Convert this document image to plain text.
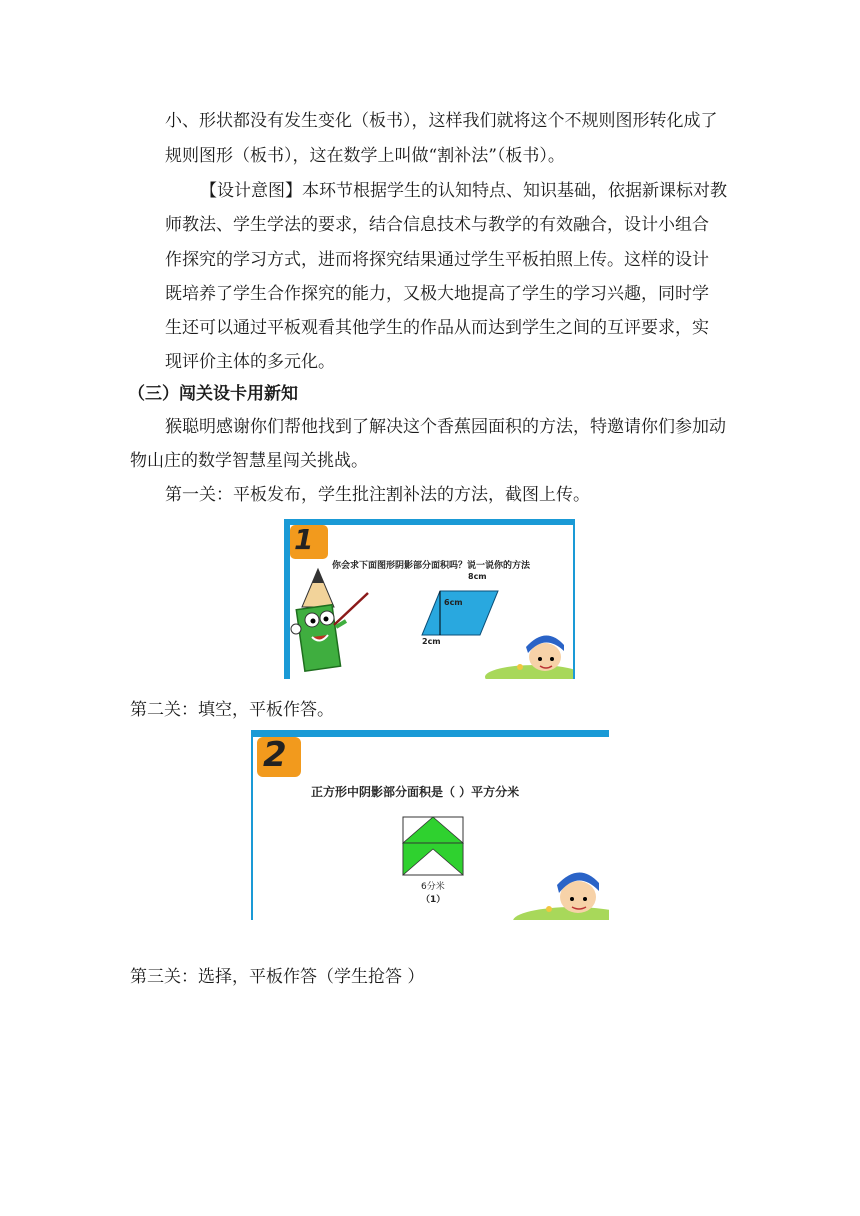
小、形状都没有发生变化（板书），这样我们就将这个不规则图形转化成了
规则图形（板书），这在数学上叫做“割补法”（板书）。
【设计意图】本环节根据学生的认知特点、知识基础，依据新课标对教
师教法、学生学法的要求，结合信息技术与教学的有效融合，设计小组合
作探究的学习方式，进而将探究结果通过学生平板拍照上传。这样的设计
既培养了学生合作探究的能力，又极大地提高了学生的学习兴趣，同时学
生还可以通过平板观看其他学生的作品从而达到学生之间的互评要求，实
现评价主体的多元化。
（三）闯关设卡用新知
猴聪明感谢你们帮他找到了解决这个香蕉园面积的方法，特邀请你们参加动
物山庄的数学智慧星闯关挑战。
第一关：平板发布，学生批注割补法的方法，截图上传。
1
你会求下面图形阴影部分面积吗？说一说你的方法
8cm
6cm
2cm
第二关：填空，平板作答。
2
正方形中阴影部分面积是（ ）平方分米
6分米
（1）
第三关：选择，平板作答（学生抢答 ）
